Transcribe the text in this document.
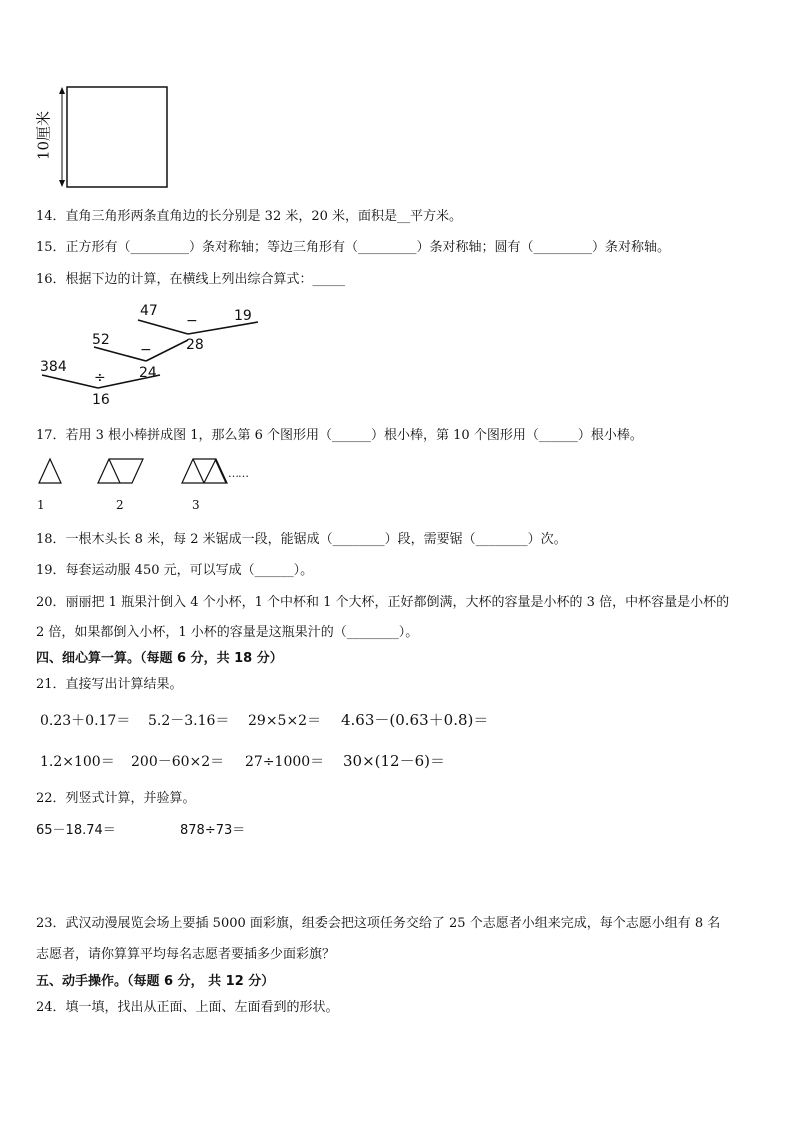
10厘米
14．直角三角形两条直角边的长分别是 32 米，20 米，面积是__平方米。
15．正方形有（_________）条对称轴；等边三角形有（_________）条对称轴；圆有（_________）条对称轴。
16．根据下边的计算，在横线上列出综合算式：_____
47
−	19
52	28
−
384	24
÷
16
17．若用 3 根小棒拼成图 1，那么第 6 个图形用（______）根小棒，第 10 个图形用（______）根小棒。
……
1	2	3
18．一根木头长 8 米，每 2 米锯成一段，能锯成（________）段，需要锯（________）次。
19．每套运动服 450 元，可以写成（______）。
20．丽丽把 1 瓶果汁倒入 4 个小杯，1 个中杯和 1 个大杯，正好都倒满，大杯的容量是小杯的 3 倍，中杯容量是小杯的
2 倍，如果都倒入小杯，1 小杯的容量是这瓶果汁的（________）。
四、细心算一算。（每题 6 分，共 18 分）
21．直接写出计算结果。
0.23＋0.17＝ 5.2－3.16＝ 29×5×2＝ 4.63－(0.63＋0.8)＝
1.2×100＝ 200－60×2＝ 27÷1000＝ 30×(12－6)＝
22．列竖式计算，并验算。
65－18.74＝	878÷73＝
23．武汉动漫展览会场上要插 5000 面彩旗，组委会把这项任务交给了 25 个志愿者小组来完成，每个志愿小组有 8 名
志愿者，请你算算平均每名志愿者要插多少面彩旗？
五、动手操作。（每题 6 分， 共 12 分）
24．填一填，找出从正面、上面、左面看到的形状。
